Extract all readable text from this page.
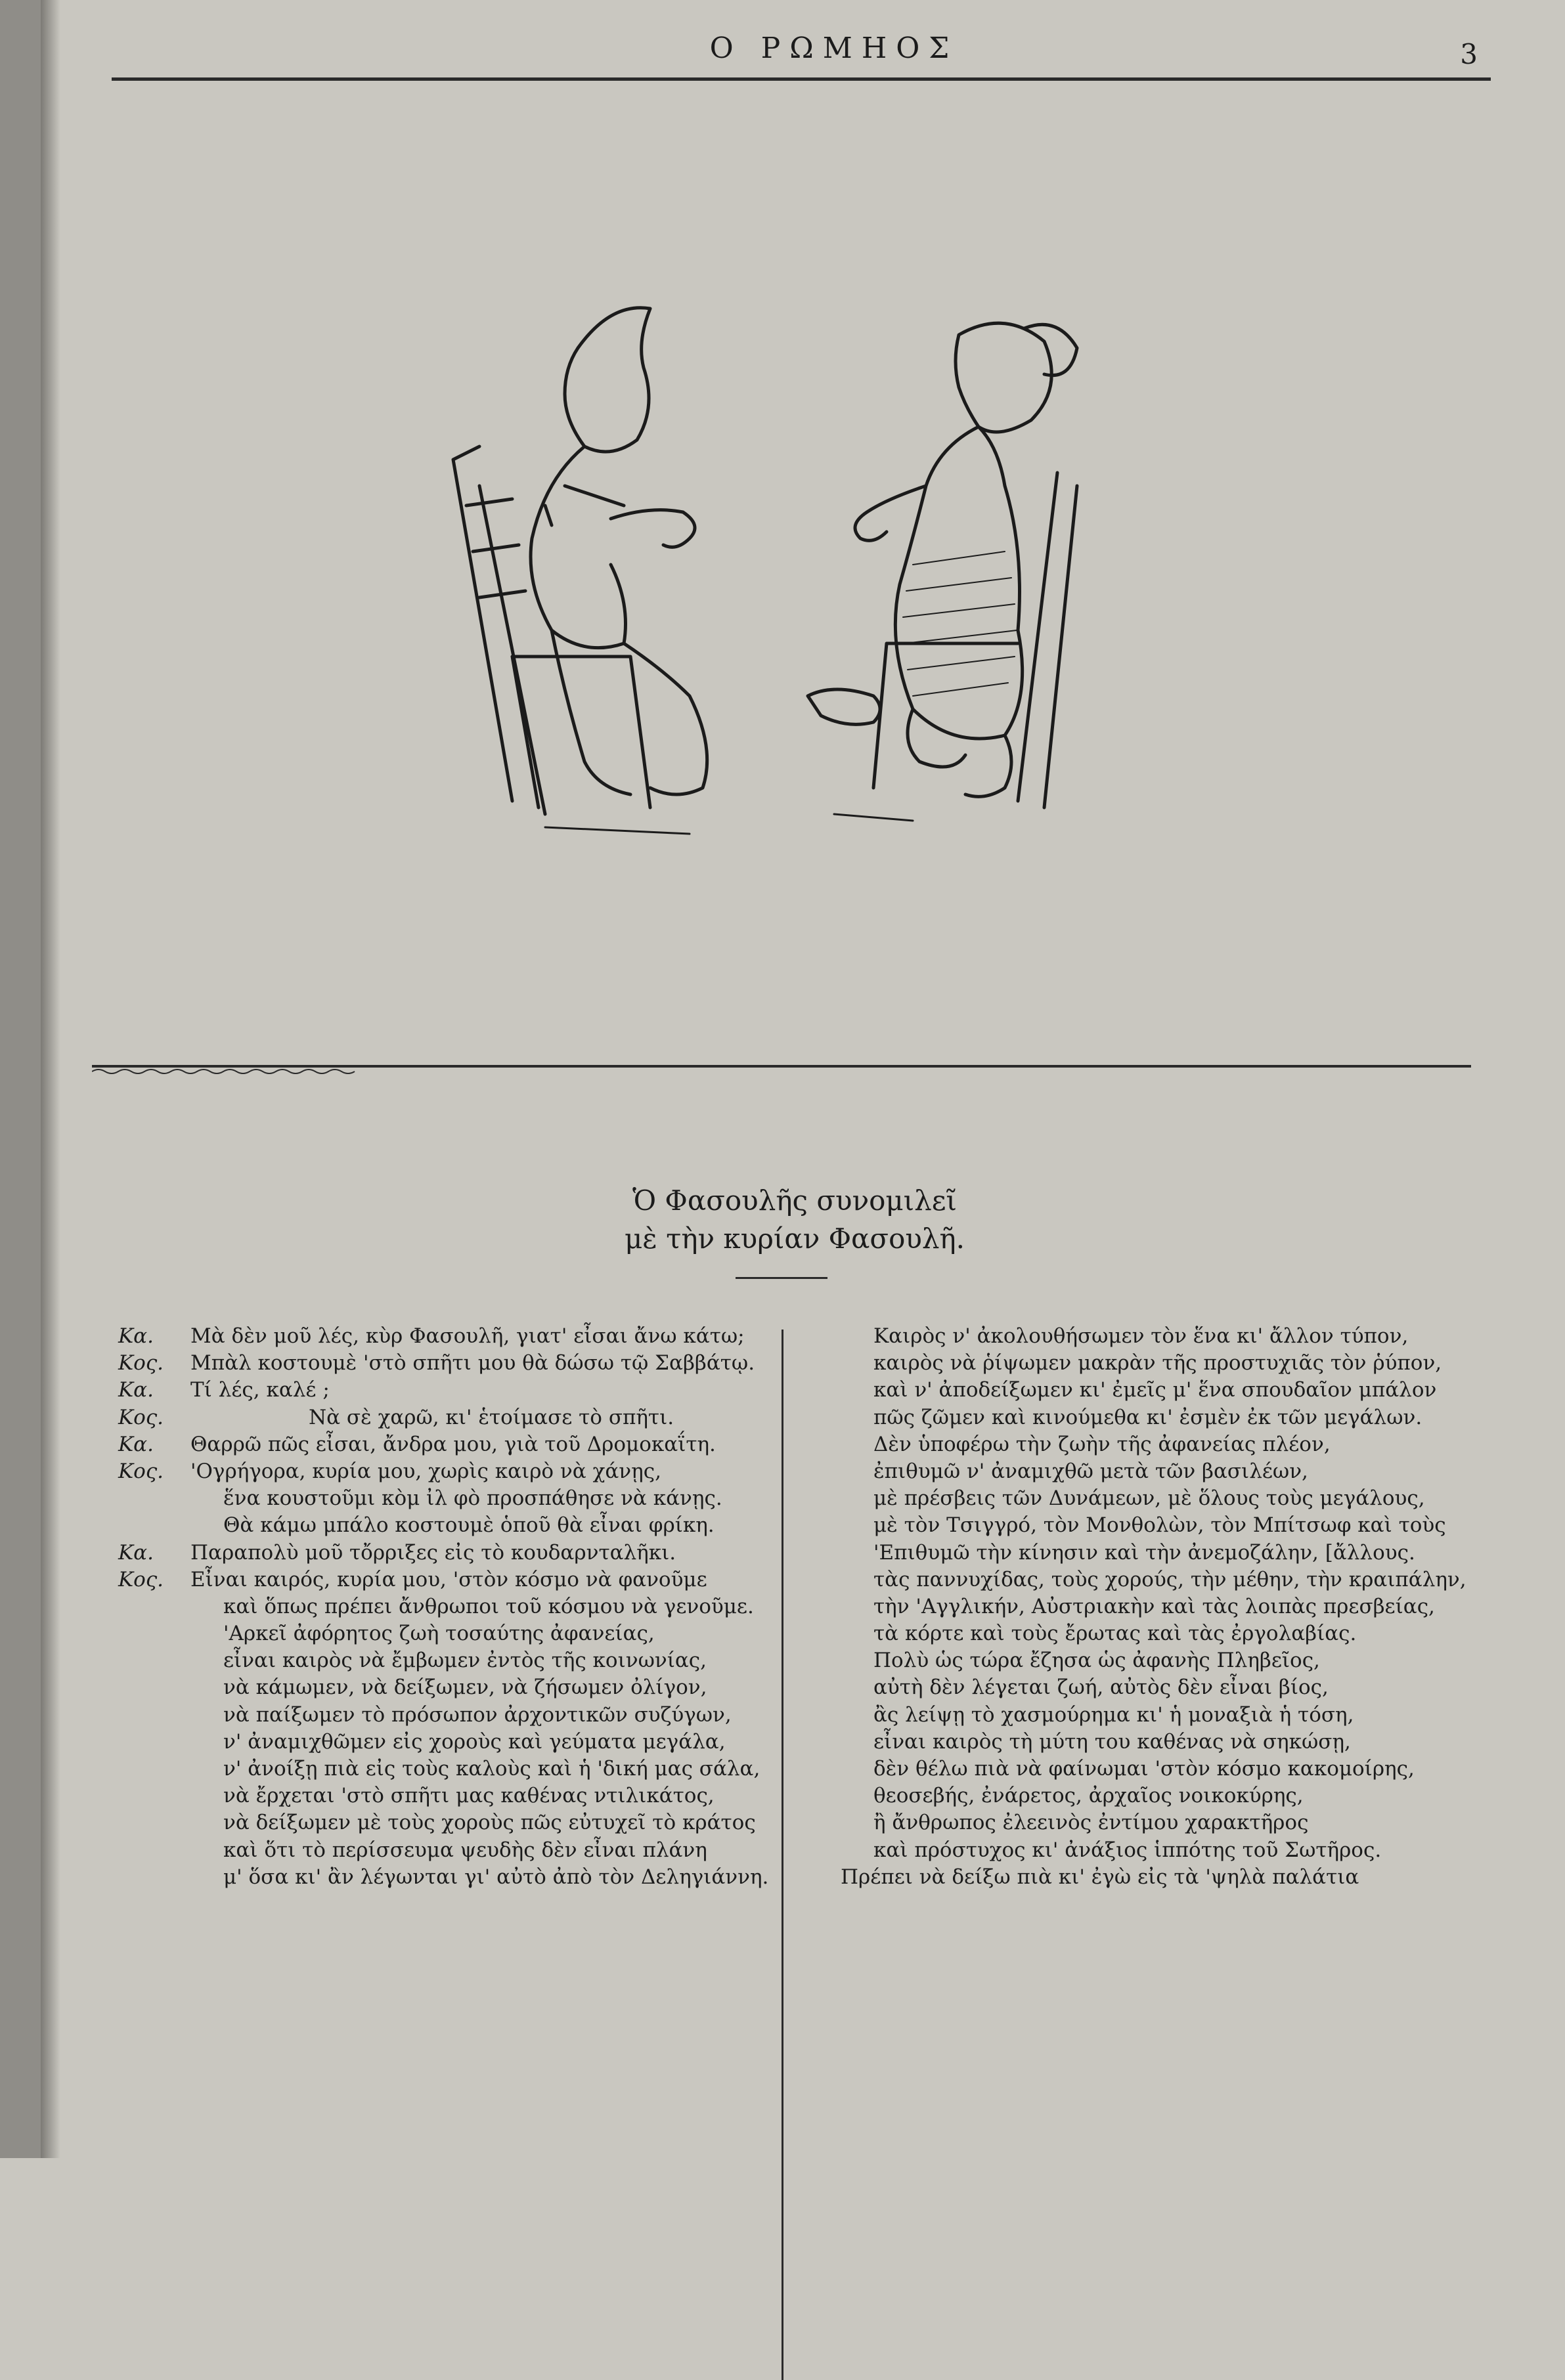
Ο ΡΩΜΗΟΣ	3
Ὁ Φασουλῆς συνομιλεῖ
μὲ τὴν κυρίαν Φασουλῆ.
Κα.	Μὰ δὲν μοῦ λές, κὺρ Φασουλῆ, γιατ' εἶσαι ἄνω κάτω;
Κος.	Μπὰλ κοστουμὲ 'στὸ σπῆτι μου θὰ δώσω τῷ Σαββάτῳ.
Κα.	Τί λές, καλέ ;
Κος.	Νὰ σὲ χαρῶ, κι' ἑτοίμασε τὸ σπῆτι.
Κα.	Θαρρῶ πῶς εἶσαι, ἄνδρα μου, γιὰ τοῦ Δρομοκαΐτη.
Κος.	'Ογρήγορα, κυρία μου, χωρὶς καιρὸ νὰ χάνῃς,
ἕνα κουστοῦμι κὸμ ἰλ φὸ προσπάθησε νὰ κάνῃς.
Θὰ κάμω μπάλο κοστουμὲ ὁποῦ θὰ εἶναι φρίκη.
Κα.	Παραπολὺ μοῦ τὄρριξες εἰς τὸ κουδαρνταλῆκι.
Κος.	Εἶναι καιρός, κυρία μου, 'στὸν κόσμο νὰ φανοῦμε
καὶ ὅπως πρέπει ἄνθρωποι τοῦ κόσμου νὰ γενοῦμε.
'Αρκεῖ ἀφόρητος ζωὴ τοσαύτης ἀφανείας,
εἶναι καιρὸς νὰ ἔμβωμεν ἐντὸς τῆς κοινωνίας,
νὰ κάμωμεν, νὰ δείξωμεν, νὰ ζήσωμεν ὀλίγον,
νὰ παίξωμεν τὸ πρόσωπον ἀρχοντικῶν συζύγων,
ν' ἀναμιχθῶμεν εἰς χοροὺς καὶ γεύματα μεγάλα,
ν' ἀνοίξῃ πιὰ εἰς τοὺς καλοὺς καὶ ἡ 'δική μας σάλα,
νὰ ἔρχεται 'στὸ σπῆτι μας καθένας ντιλικάτος,
νὰ δείξωμεν μὲ τοὺς χοροὺς πῶς εὐτυχεῖ τὸ κράτος
καὶ ὅτι τὸ περίσσευμα ψευδὴς δὲν εἶναι πλάνη
μ' ὅσα κι' ἂν λέγωνται γι' αὐτὸ ἀπὸ τὸν Δεληγιάννη.
Καιρὸς ν' ἀκολουθήσωμεν τὸν ἕνα κι' ἄλλον τύπον,
καιρὸς νὰ ῥίψωμεν μακρὰν τῆς προστυχιᾶς τὸν ῥύπον,
καὶ ν' ἀποδείξωμεν κι' ἐμεῖς μ' ἕνα σπουδαῖον μπάλον
πῶς ζῶμεν καὶ κινούμεθα κι' ἐσμὲν ἐκ τῶν μεγάλων.
Δὲν ὑποφέρω τὴν ζωὴν τῆς ἀφανείας πλέον,
ἐπιθυμῶ ν' ἀναμιχθῶ μετὰ τῶν βασιλέων,
μὲ πρέσβεις τῶν Δυνάμεων, μὲ ὅλους τοὺς μεγάλους,
μὲ τὸν Τσιγγρό, τὸν Μονθολὼν, τὸν Μπίτσωφ καὶ τοὺς
'Επιθυμῶ τὴν κίνησιν καὶ τὴν ἀνεμοζάλην, [ἄλλους.
τὰς παννυχίδας, τοὺς χορούς, τὴν μέθην, τὴν κραιπάλην,
τὴν 'Αγγλικήν, Αὐστριακὴν καὶ τὰς λοιπὰς πρεσβείας,
τὰ κόρτε καὶ τοὺς ἔρωτας καὶ τὰς ἐργολαβίας.
Πολὺ ὡς τώρα ἔζησα ὡς ἀφανὴς Πληβεῖος,
αὐτὴ δὲν λέγεται ζωή, αὐτὸς δὲν εἶναι βίος,
ἂς λείψῃ τὸ χασμούρημα κι' ἡ μοναξιὰ ἡ τόση,
εἶναι καιρὸς τὴ μύτη του καθένας νὰ σηκώσῃ,
δὲν θέλω πιὰ νὰ φαίνωμαι 'στὸν κόσμο κακομοίρης,
θεοσεβής, ἐνάρετος, ἀρχαῖος νοικοκύρης,
ἢ ἄνθρωπος ἐλεεινὸς ἐντίμου χαρακτῆρος
καὶ πρόστυχος κι' ἀνάξιος ἱππότης τοῦ Σωτῆρος.
Πρέπει νὰ δείξω πιὰ κι' ἐγὼ εἰς τὰ 'ψηλὰ παλάτια
